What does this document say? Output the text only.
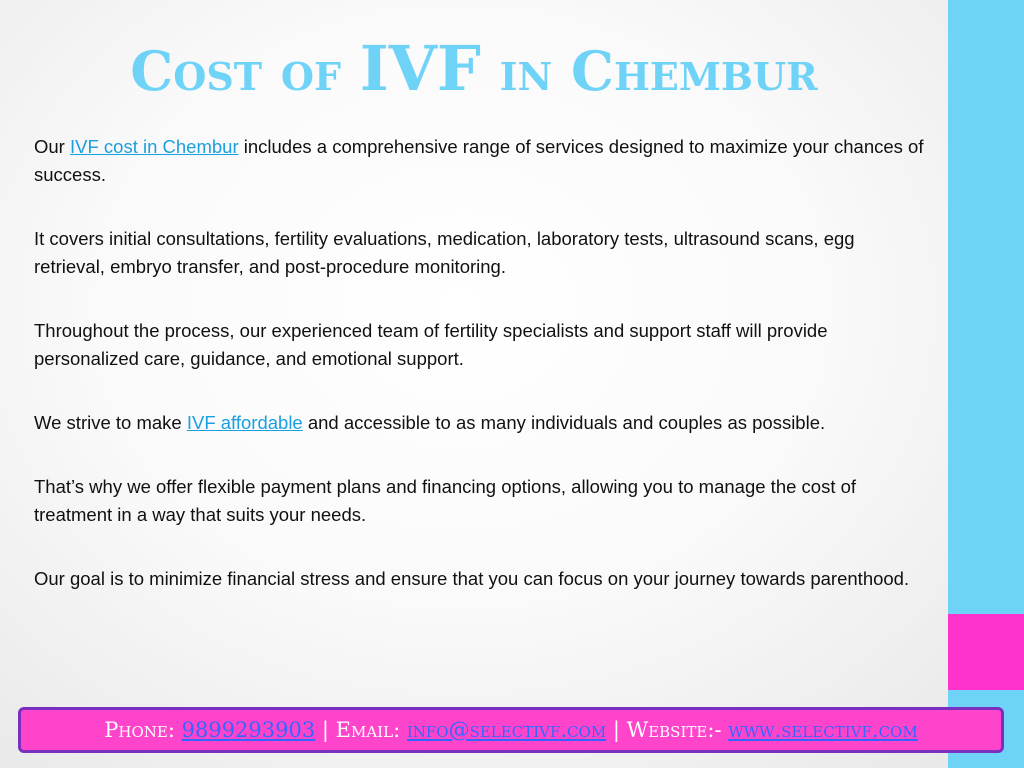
Cost of IVF in Chembur

Our IVF cost in Chembur includes a comprehensive range of services designed to maximize your chances of success.

It covers initial consultations, fertility evaluations, medication, laboratory tests, ultrasound scans, egg retrieval, embryo transfer, and post-procedure monitoring.

Throughout the process, our experienced team of fertility specialists and support staff will provide personalized care, guidance, and emotional support.

We strive to make IVF affordable and accessible to as many individuals and couples as possible.

That’s why we offer flexible payment plans and financing options, allowing you to manage the cost of treatment in a way that suits your needs.

Our goal is to minimize financial stress and ensure that you can focus on your journey towards parenthood.

Phone: 9899293903 | Email: info@selectivf.com | Website:- www.selectivf.com
